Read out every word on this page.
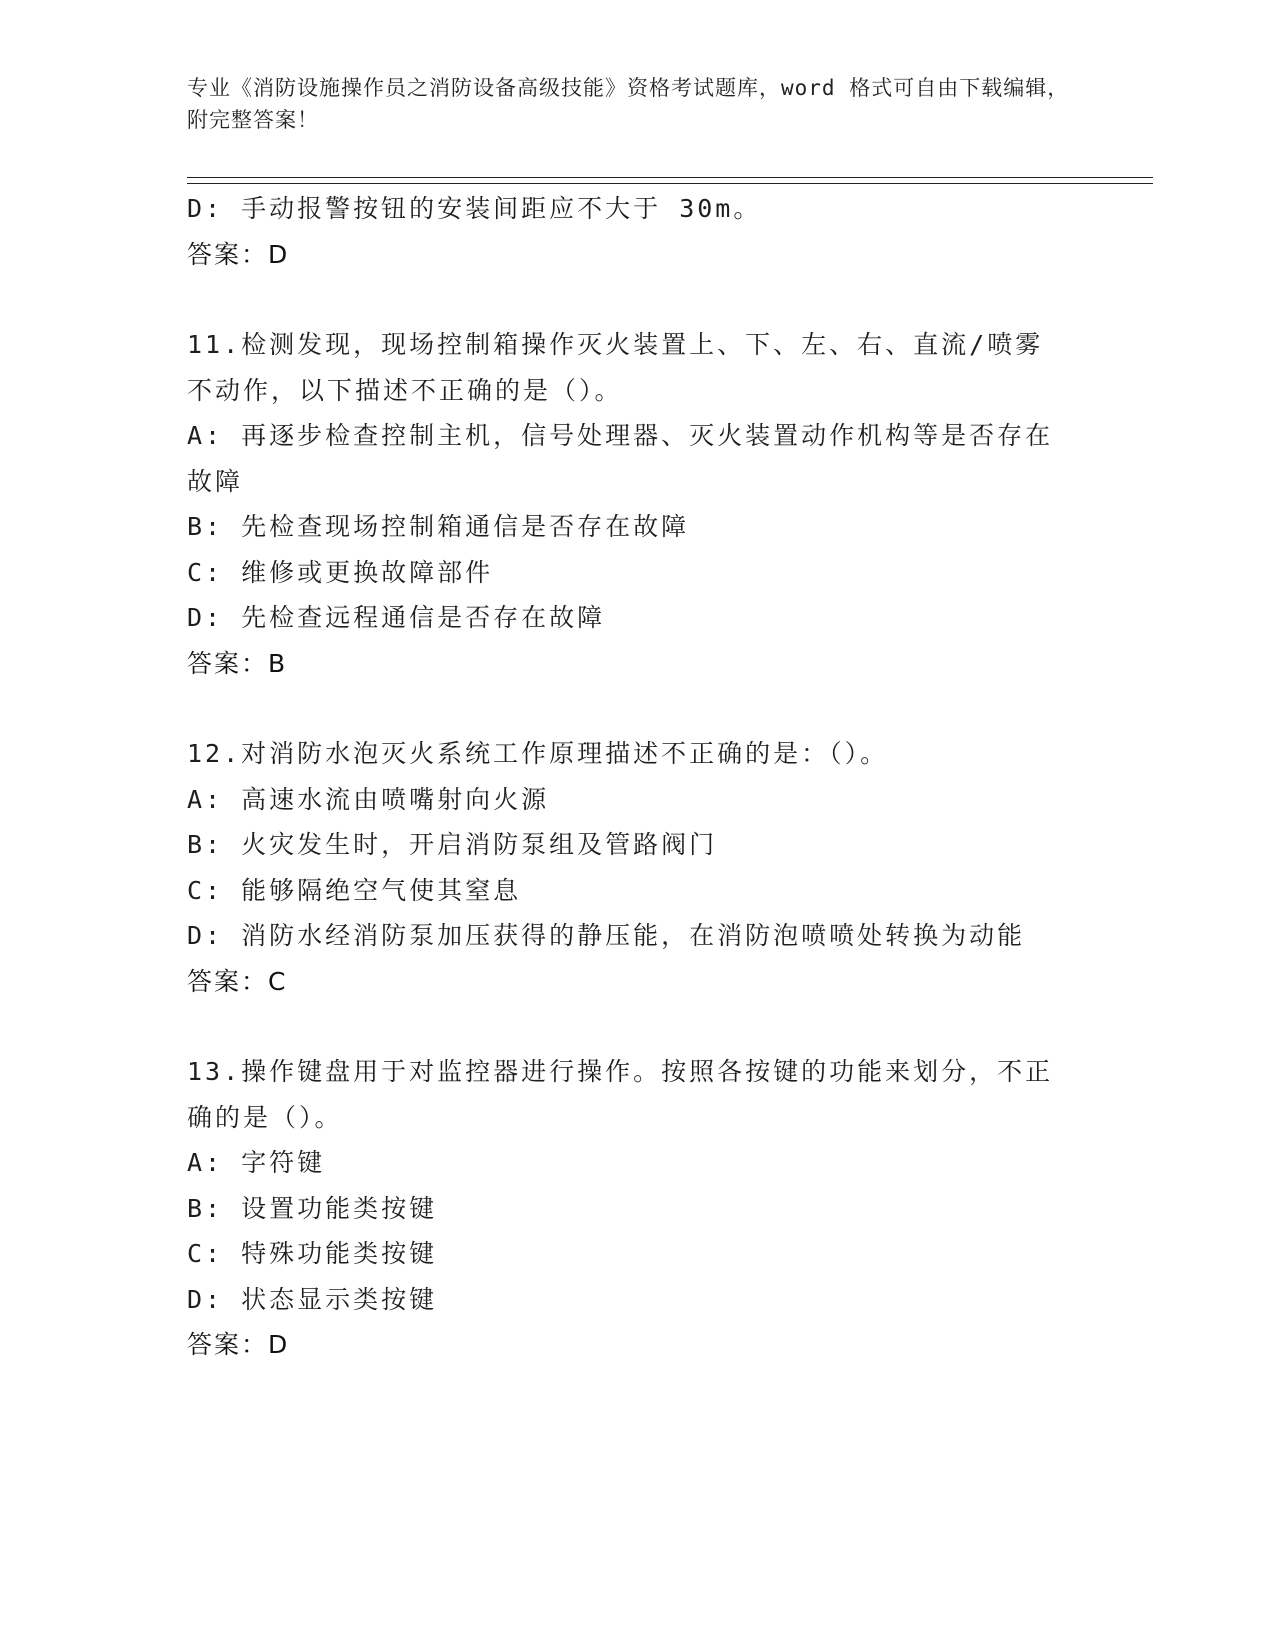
专业《消防设施操作员之消防设备高级技能》资格考试题库，word 格式可自由下载编辑，附完整答案！
D: 手动报警按钮的安装间距应不大于 30m。
答案：D
11.检测发现，现场控制箱操作灭火装置上、下、左、右、直流/喷雾不动作，以下描述不正确的是（）。
A: 再逐步检查控制主机，信号处理器、灭火装置动作机构等是否存在故障
B: 先检查现场控制箱通信是否存在故障
C: 维修或更换故障部件
D: 先检查远程通信是否存在故障
答案：B
12.对消防水泡灭火系统工作原理描述不正确的是：（）。
A: 高速水流由喷嘴射向火源
B: 火灾发生时，开启消防泵组及管路阀门
C: 能够隔绝空气使其窒息
D: 消防水经消防泵加压获得的静压能，在消防泡喷喷处转换为动能
答案：C
13.操作键盘用于对监控器进行操作。按照各按键的功能来划分，不正确的是（）。
A: 字符键
B: 设置功能类按键
C: 特殊功能类按键
D: 状态显示类按键
答案：D
